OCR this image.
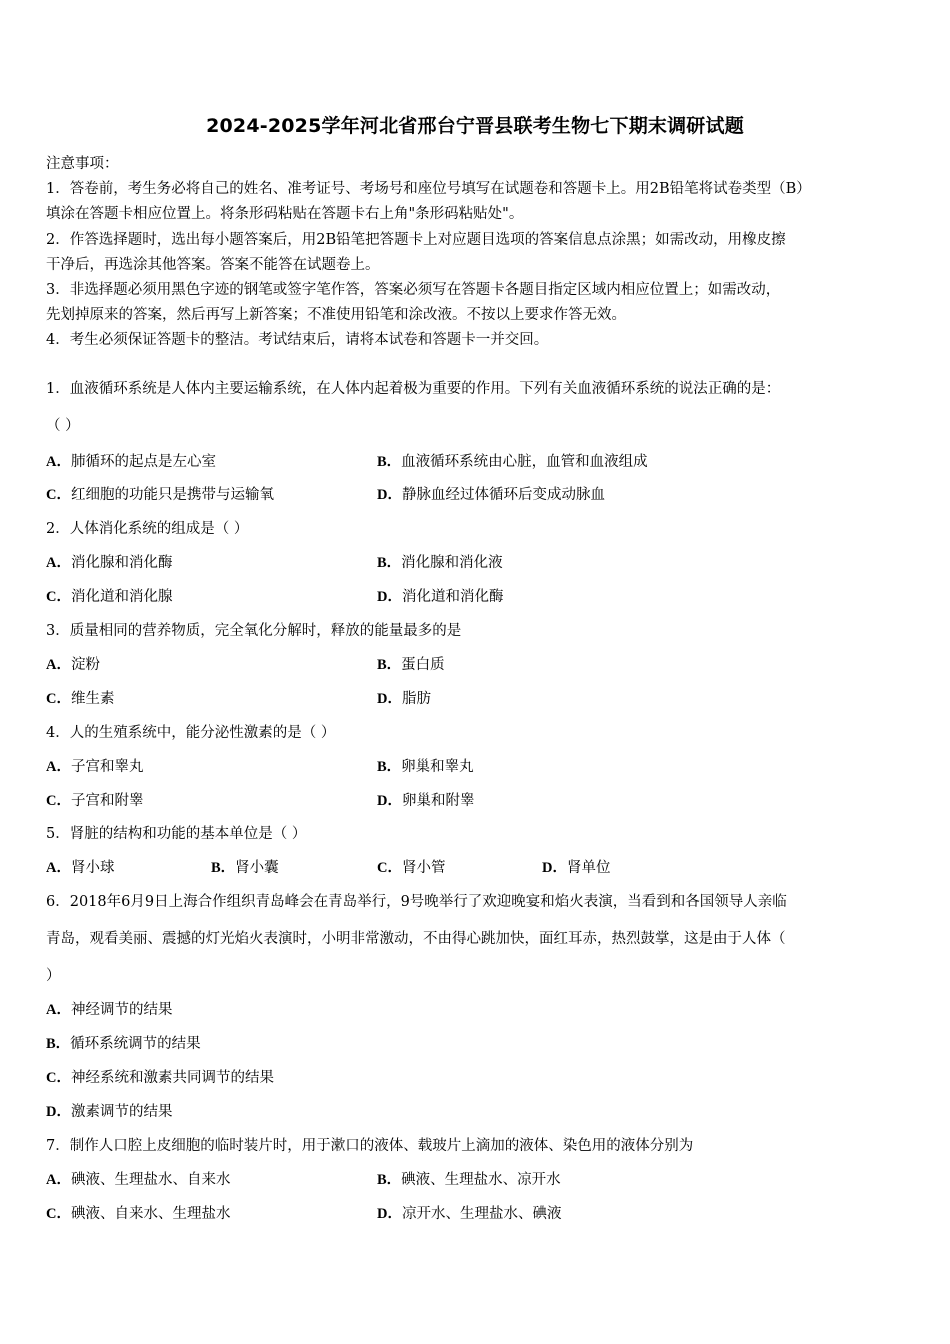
2024-2025学年河北省邢台宁晋县联考生物七下期末调研试题
注意事项：
1．答卷前，考生务必将自己的姓名、准考证号、考场号和座位号填写在试题卷和答题卡上。用2B铅笔将试卷类型（B）
填涂在答题卡相应位置上。将条形码粘贴在答题卡右上角"条形码粘贴处"。
2．作答选择题时，选出每小题答案后，用2B铅笔把答题卡上对应题目选项的答案信息点涂黑；如需改动，用橡皮擦
干净后，再选涂其他答案。答案不能答在试题卷上。
3．非选择题必须用黑色字迹的钢笔或签字笔作答，答案必须写在答题卡各题目指定区域内相应位置上；如需改动，
先划掉原来的答案，然后再写上新答案；不准使用铅笔和涂改液。不按以上要求作答无效。
4．考生必须保证答题卡的整洁。考试结束后，请将本试卷和答题卡一并交回。
1．血液循环系统是人体内主要运输系统，在人体内起着极为重要的作用。下列有关血液循环系统的说法正确的是：
（ ）
A．肺循环的起点是左心室	B．血液循环系统由心脏，血管和血液组成
C．红细胞的功能只是携带与运输氧	D．静脉血经过体循环后变成动脉血
2．人体消化系统的组成是（ ）
A．消化腺和消化酶	B．消化腺和消化液
C．消化道和消化腺	D．消化道和消化酶
3．质量相同的营养物质，完全氧化分解时，释放的能量最多的是
A．淀粉	B．蛋白质
C．维生素	D．脂肪
4．人的生殖系统中，能分泌性激素的是（ ）
A．子宫和睾丸	B．卵巢和睾丸
C．子宫和附睾	D．卵巢和附睾
5．肾脏的结构和功能的基本单位是（ ）
A．肾小球	B．肾小囊	C．肾小管	D．肾单位
6．2018年6月9日上海合作组织青岛峰会在青岛举行，9号晚举行了欢迎晚宴和焰火表演，当看到和各国领导人亲临
青岛，观看美丽、震撼的灯光焰火表演时，小明非常激动，不由得心跳加快，面红耳赤，热烈鼓掌，这是由于人体（
）
A．神经调节的结果
B．循环系统调节的结果
C．神经系统和激素共同调节的结果
D．激素调节的结果
7．制作人口腔上皮细胞的临时装片时，用于漱口的液体、载玻片上滴加的液体、染色用的液体分别为
A．碘液、生理盐水、自来水	B．碘液、生理盐水、凉开水
C．碘液、自来水、生理盐水	D．凉开水、生理盐水、碘液
